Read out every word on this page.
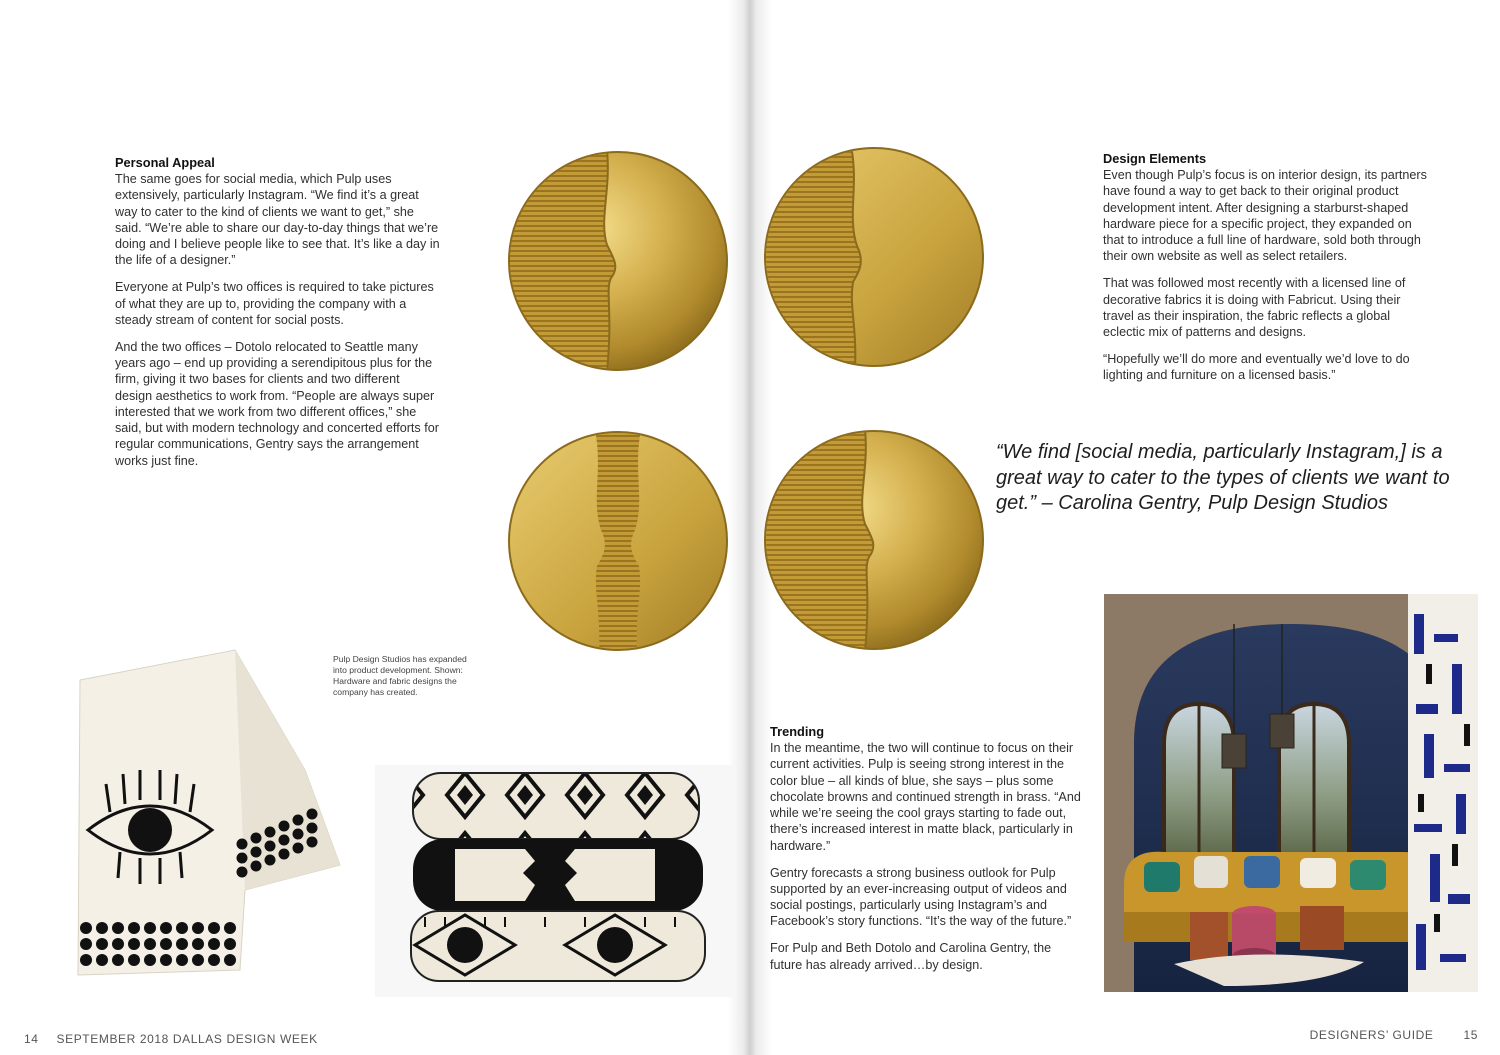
Personal Appeal

The same goes for social media, which Pulp uses extensively, particularly Instagram. “We find it’s a great way to cater to the kind of clients we want to get,” she said. “We’re able to share our day-to-day things that we’re doing and I believe people like to see that. It’s like a day in the life of a designer.”

Everyone at Pulp’s two offices is required to take pictures of what they are up to, providing the company with a steady stream of content for social posts.

And the two offices – Dotolo relocated to Seattle many years ago – end up providing a serendipitous plus for the firm, giving it two bases for clients and two different design aesthetics to work from. “People are always super interested that we work from two different offices,” she said, but with modern technology and concerted efforts for regular communications, Gentry says the arrangement works just fine.

Pulp Design Studios has expanded into product development. Shown: Hardware and fabric designs the company has created.
Design Elements

Even though Pulp’s focus is on interior design, its partners have found a way to get back to their original product development intent. After designing a starburst-shaped hardware piece for a specific project, they expanded on that to introduce a full line of hardware, sold both through their own website as well as select retailers.

That was followed most recently with a licensed line of decorative fabrics it is doing with Fabricut. Using their travel as their inspiration, the fabric reflects a global eclectic mix of patterns and designs.

“Hopefully we’ll do more and eventually we’d love to do lighting and furniture on a licensed basis.”

“We find [social media, particularly Instagram,] is a great way to cater to the types of clients we want to get.” – Carolina Gentry, Pulp Design Studios
Trending

In the meantime, the two will continue to focus on their current activities. Pulp is seeing strong interest in the color blue – all kinds of blue, she says – plus some chocolate browns and continued strength in brass. “And while we’re seeing the cool grays starting to fade out, there’s increased interest in matte black, particularly in hardware.”

Gentry forecasts a strong business outlook for Pulp supported by an ever-increasing output of videos and social postings, particularly using Instagram’s and Facebook’s story functions. “It’s the way of the future.”

For Pulp and Beth Dotolo and Carolina Gentry, the future has already arrived…by design.

14 SEPTEMBER 2018 DALLAS DESIGN WEEK	DESIGNERS’ GUIDE 15
